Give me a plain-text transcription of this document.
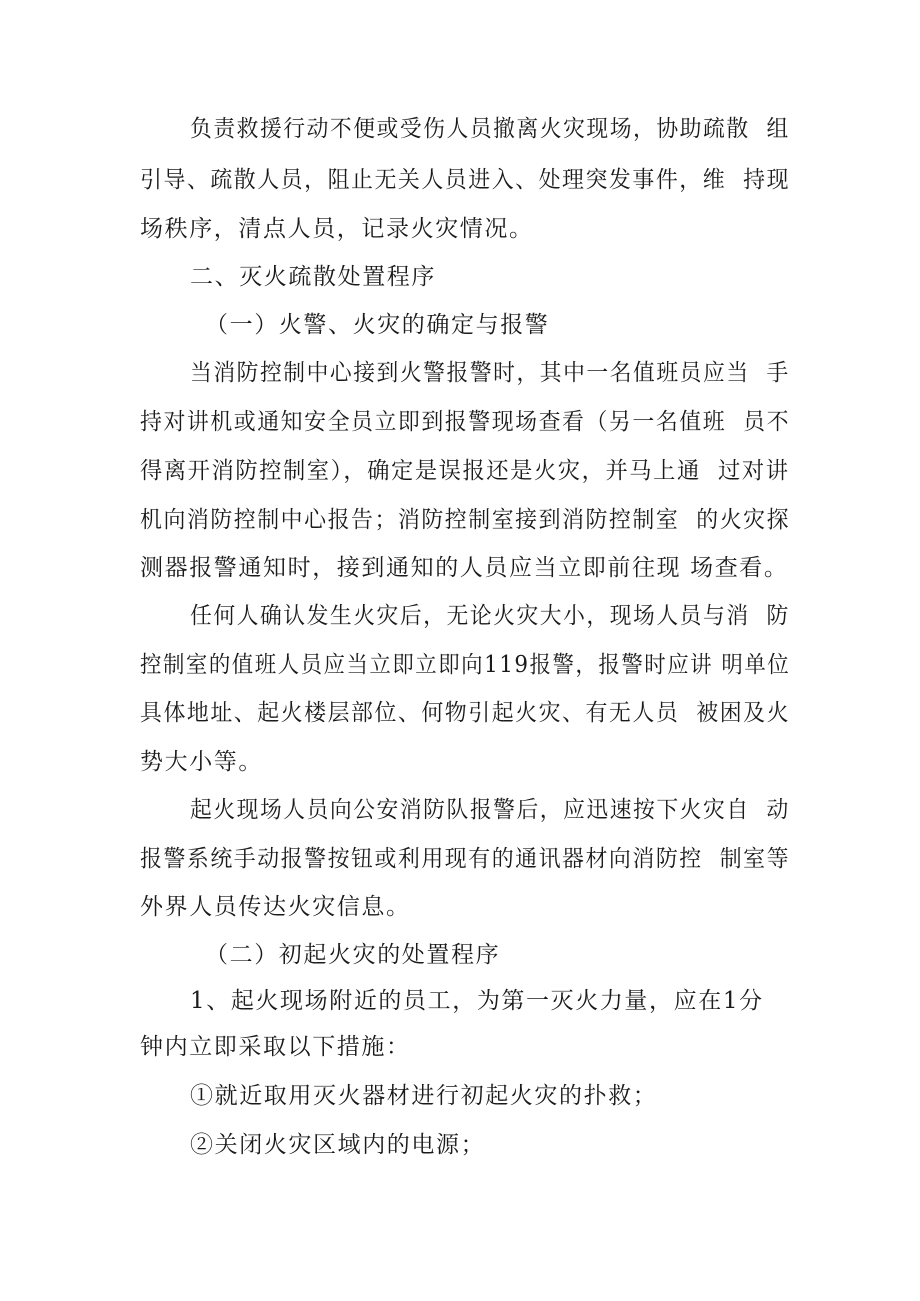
负责救援行动不便或受伤人员撤离火灾现场，协助疏散  组
引导、疏散人员，阻止无关人员进入、处理突发事件，维  持现
场秩序，清点人员，记录火灾情况。
二、灭火疏散处置程序
（一）火警、火灾的确定与报警
当消防控制中心接到火警报警时，其中一名值班员应当  手
持对讲机或通知安全员立即到报警现场查看（另一名值班  员不
得离开消防控制室），确定是误报还是火灾，并马上通  过对讲
机向消防控制中心报告；消防控制室接到消防控制室  的火灾探
测器报警通知时，接到通知的人员应当立即前往现 场查看。
任何人确认发生火灾后，无论火灾大小，现场人员与消  防
控制室的值班人员应当立即立即向119报警，报警时应讲 明单位
具体地址、起火楼层部位、何物引起火灾、有无人员  被困及火
势大小等。
起火现场人员向公安消防队报警后，应迅速按下火灾自  动
报警系统手动报警按钮或利用现有的通讯器材向消防控  制室等
外界人员传达火灾信息。
（二）初起火灾的处置程序
1、起火现场附近的员工，为第一灭火力量，应在1分
钟内立即采取以下措施：
①就近取用灭火器材进行初起火灾的扑救；
②关闭火灾区域内的电源；
